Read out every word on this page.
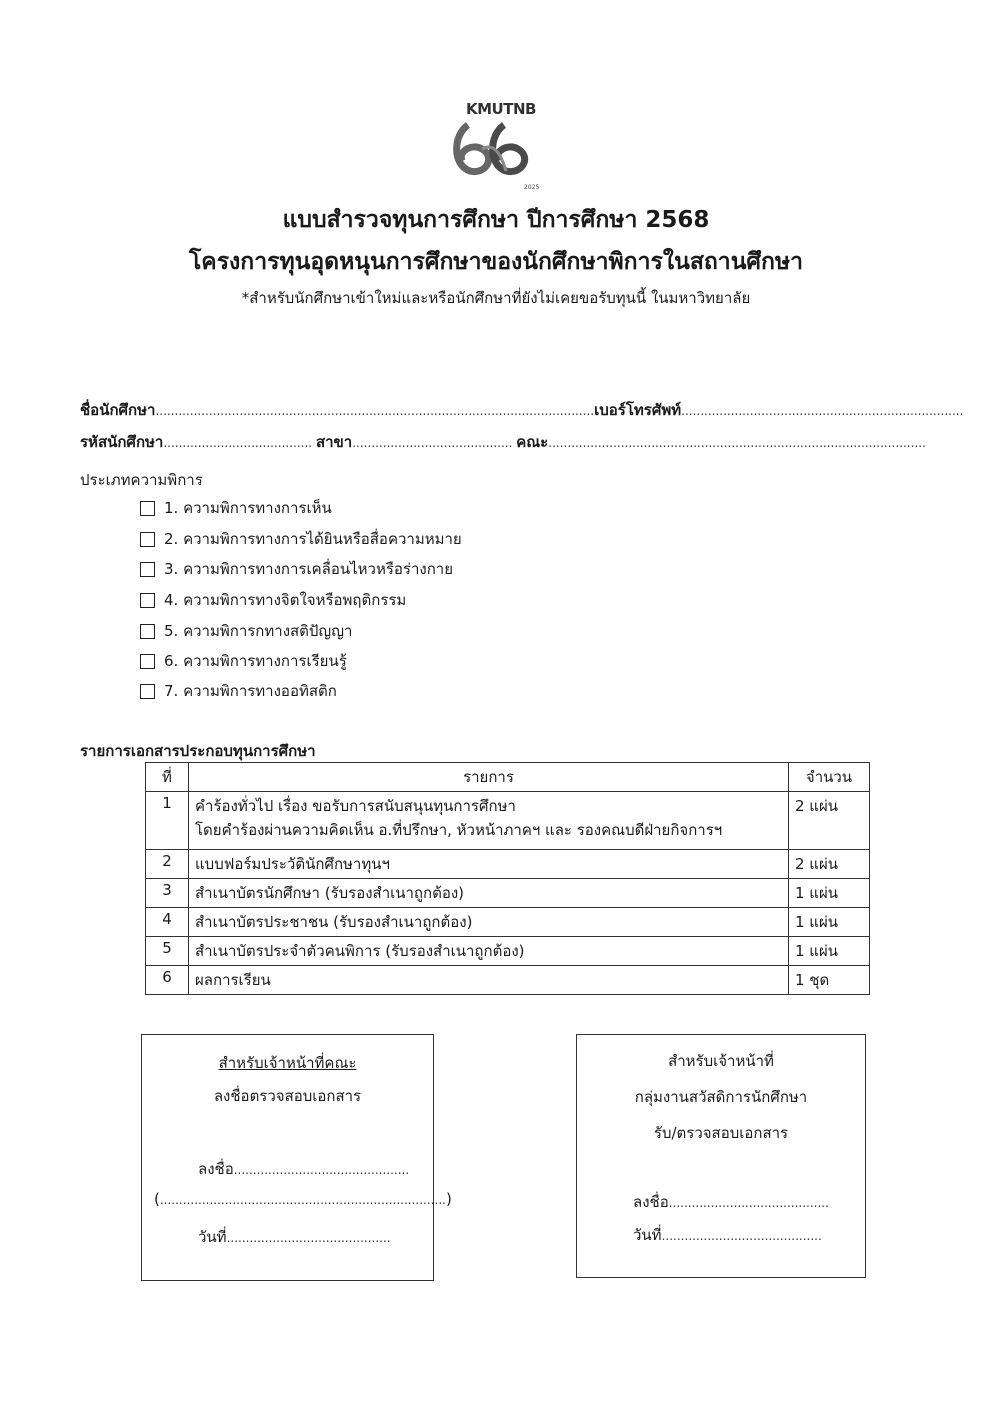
KMUTNB
2025
แบบสำรวจทุนการศึกษา ปีการศึกษา 2568
โครงการทุนอุดหนุนการศึกษาของนักศึกษาพิการในสถานศึกษา
*สำหรับนักศึกษาเข้าใหม่และหรือนักศึกษาที่ยังไม่เคยขอรับทุนนี้ ในมหาวิทยาลัย
ชื่อนักศึกษา...................................................................................................................เบอร์โทรศัพท์..........................................................................
รหัสนักศึกษา....................................... สาขา.......................................... คณะ...................................................................................................
ประเภทความพิการ
1. ความพิการทางการเห็น
2. ความพิการทางการได้ยินหรือสื่อความหมาย
3. ความพิการทางการเคลื่อนไหวหรือร่างกาย
4. ความพิการทางจิตใจหรือพฤติกรรม
5. ความพิการกทางสติปัญญา
6. ความพิการทางการเรียนรู้
7. ความพิการทางออทิสติก
รายการเอกสารประกอบทุนการศึกษา
ที่	รายการ	จำนวน
1	คำร้องทั่วไป เรื่อง ขอรับการสนับสนุนทุนการศึกษา
โดยคำร้องผ่านความคิดเห็น อ.ที่ปรึกษา, หัวหน้าภาคฯ และ รองคณบดีฝ่ายกิจการฯ	2 แผ่น
2	แบบฟอร์มประวัตินักศึกษาทุนฯ	2 แผ่น
3	สำเนาบัตรนักศึกษา (รับรองสำเนาถูกต้อง)	1 แผ่น
4	สำเนาบัตรประชาชน (รับรองสำเนาถูกต้อง)	1 แผ่น
5	สำเนาบัตรประจำตัวคนพิการ (รับรองสำเนาถูกต้อง)	1 แผ่น
6	ผลการเรียน	1 ชุด
สำหรับเจ้าหน้าที่คณะ
ลงชื่อตรวจสอบเอกสาร
ลงชื่อ..............................................
(...........................................................................)
วันที่...........................................
สำหรับเจ้าหน้าที่
กลุ่มงานสวัสดิการนักศึกษา
รับ/ตรวจสอบเอกสาร
ลงชื่อ..........................................
วันที่..........................................
